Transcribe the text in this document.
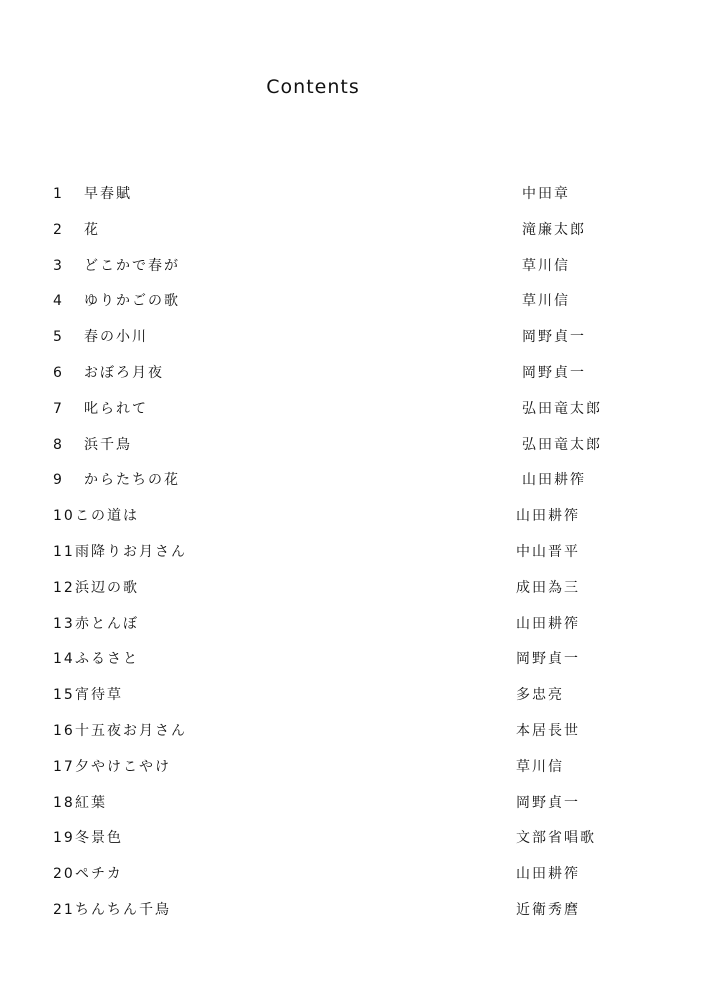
Contents
1 早春賦	中田章
2 花	滝廉太郎
3 どこかで春が	草川信
4 ゆりかごの歌	草川信
5 春の小川	岡野貞一
6 おぼろ月夜	岡野貞一
7 叱られて	弘田竜太郎
8 浜千鳥	弘田竜太郎
9 からたちの花	山田耕筰
10 この道は	山田耕筰
11 雨降りお月さん	中山晋平
12 浜辺の歌	成田為三
13 赤とんぼ	山田耕筰
14 ふるさと	岡野貞一
15 宵待草	多忠亮
16 十五夜お月さん	本居長世
17 夕やけこやけ	草川信
18 紅葉	岡野貞一
19 冬景色	文部省唱歌
20 ペチカ	山田耕筰
21 ちんちん千鳥	近衛秀麿
